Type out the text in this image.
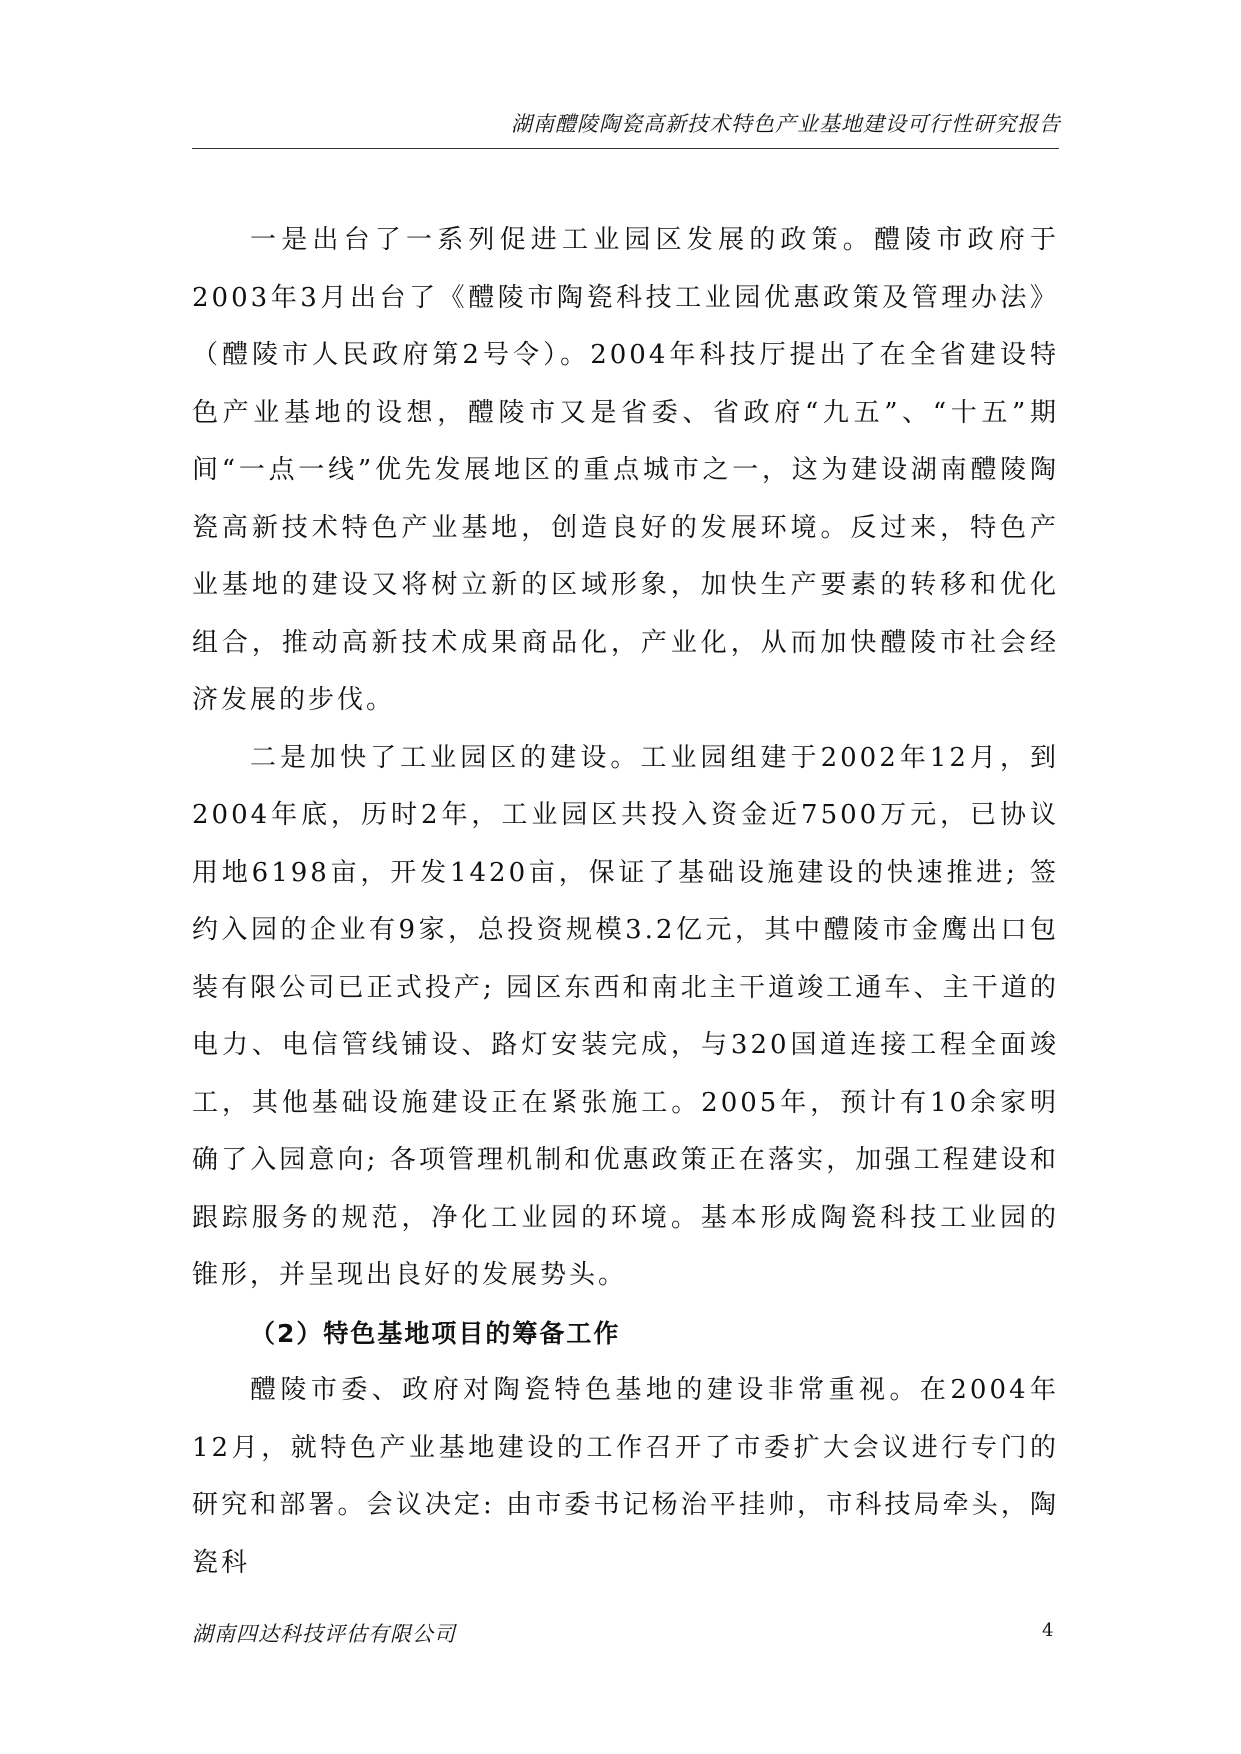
湖南醴陵陶瓷高新技术特色产业基地建设可行性研究报告

一是出台了一系列促进工业园区发展的政策。醴陵市政府于2003年3月出台了《醴陵市陶瓷科技工业园优惠政策及管理办法》（醴陵市人民政府第2号令）。2004年科技厅提出了在全省建设特色产业基地的设想，醴陵市又是省委、省政府“九五”、“十五”期间“一点一线”优先发展地区的重点城市之一，这为建设湖南醴陵陶瓷高新技术特色产业基地，创造良好的发展环境。反过来，特色产业基地的建设又将树立新的区域形象，加快生产要素的转移和优化组合，推动高新技术成果商品化，产业化，从而加快醴陵市社会经济发展的步伐。

二是加快了工业园区的建设。工业园组建于2002年12月，到2004年底，历时2年，工业园区共投入资金近7500万元，已协议用地6198亩，开发1420亩，保证了基础设施建设的快速推进; 签约入园的企业有9家，总投资规模3.2亿元，其中醴陵市金鹰出口包装有限公司已正式投产; 园区东西和南北主干道竣工通车、主干道的电力、电信管线铺设、路灯安装完成，与320国道连接工程全面竣工，其他基础设施建设正在紧张施工。2005年，预计有10余家明确了入园意向; 各项管理机制和优惠政策正在落实，加强工程建设和跟踪服务的规范，净化工业园的环境。基本形成陶瓷科技工业园的锥形，并呈现出良好的发展势头。

（2）特色基地项目的筹备工作

醴陵市委、政府对陶瓷特色基地的建设非常重视。在2004年12月，就特色产业基地建设的工作召开了市委扩大会议进行专门的研究和部署。会议决定: 由市委书记杨治平挂帅，市科技局牵头，陶瓷科

湖南四达科技评估有限公司	4
